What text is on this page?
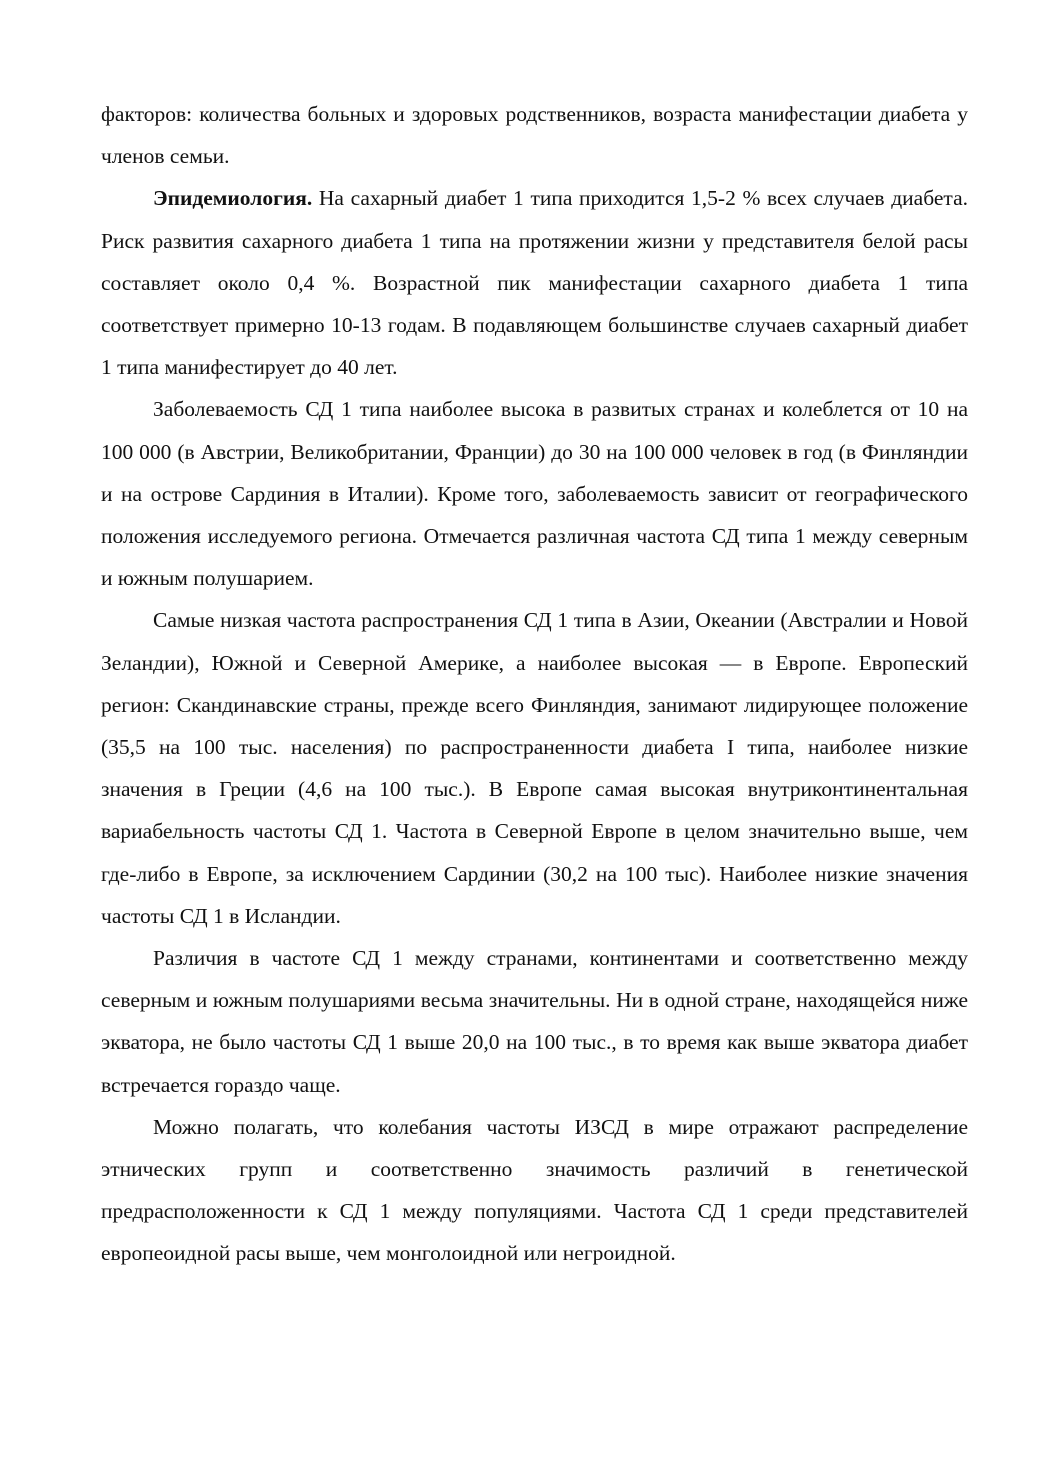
факторов: количества больных и здоровых родственников, возраста манифестации диабета у членов семьи.

Эпидемиология. На сахарный диабет 1 типа приходится 1,5-2 % всех случаев диабета. Риск развития сахарного диабета 1 типа на протяжении жизни у представителя белой расы составляет около 0,4 %. Возрастной пик манифестации сахарного диабета 1 типа соответствует примерно 10-13 годам. В подавляющем большинстве случаев сахарный диабет 1 типа манифестирует до 40 лет.

Заболеваемость СД 1 типа наиболее высока в развитых странах и колеблется от 10 на 100 000 (в Австрии, Великобритании, Франции) до 30 на 100 000 человек в год (в Финляндии и на острове Сардиния в Италии). Кроме того, заболеваемость зависит от географического положения исследуемого региона. Отмечается различная частота СД типа 1 между северным и южным полушарием.

Самые низкая частота распространения СД 1 типа в Азии, Океании (Австралии и Новой Зеландии), Южной и Северной Америке, а наиболее высокая — в Европе. Европеский регион: Скандинавские страны, прежде всего Финляндия, занимают лидирующее положение (35,5 на 100 тыс. населения) по распространенности диабета I типа, наиболее низкие значения в Греции (4,6 на 100 тыс.). В Европе самая высокая внутриконтинентальная вариабельность частоты СД 1. Частота в Северной Европе в целом значительно выше, чем где-либо в Европе, за исключением Сардинии (30,2 на 100 тыс). Наиболее низкие значения частоты СД 1 в Исландии.

Различия в частоте СД 1 между странами, континентами и соответственно между северным и южным полушариями весьма значительны. Ни в одной стране, находящейся ниже экватора, не было частоты СД 1 выше 20,0 на 100 тыс., в то время как выше экватора диабет встречается гораздо чаще.

Можно полагать, что колебания частоты ИЗСД в мире отражают распределение этнических групп и соответственно значимость различий в генетической предрасположенности к СД 1 между популяциями. Частота СД 1 среди представителей европеоидной расы выше, чем монголоидной или негроидной.
